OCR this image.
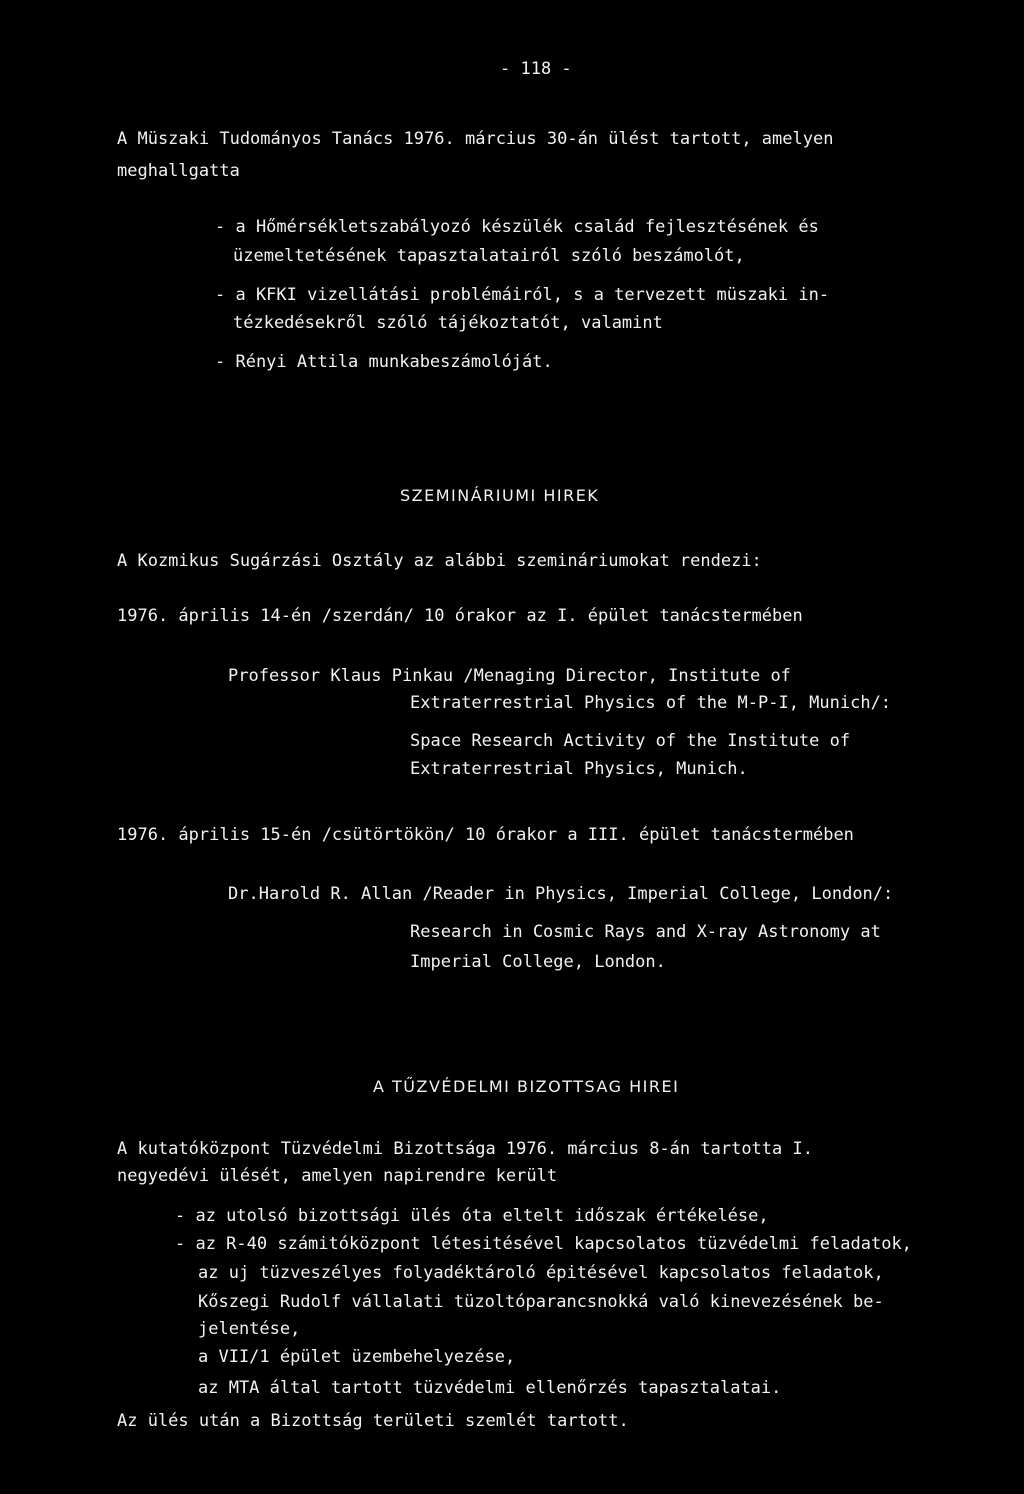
- 118 -
A Müszaki Tudományos Tanács 1976. március 30-án ülést tartott, amelyen
meghallgatta
- a Hőmérsékletszabályozó készülék család fejlesztésének és
üzemeltetésének tapasztalatairól szóló beszámolót,
- a KFKI vizellátási problémáiról, s a tervezett müszaki in-
tézkedésekről szóló tájékoztatót, valamint
- Rényi Attila munkabeszámolóját.
SZEMINÁRIUMI HIREK
A Kozmikus Sugárzási Osztály az alábbi szemináriumokat rendezi:
1976. április 14-én /szerdán/ 10 órakor az I. épület tanácstermében
Professor Klaus Pinkau /Menaging Director, Institute of
Extraterrestrial Physics of the M-P-I, Munich/:
Space Research Activity of the Institute of
Extraterrestrial Physics, Munich.
1976. április 15-én /csütörtökön/ 10 órakor a III. épület tanácstermében
Dr.Harold R. Allan /Reader in Physics, Imperial College, London/:
Research in Cosmic Rays and X-ray Astronomy at
Imperial College, London.
A TŰZVÉDELMI BIZOTTSAG HIREI
A kutatóközpont Tüzvédelmi Bizottsága 1976. március 8-án tartotta I.
negyedévi ülését, amelyen napirendre került
- az utolsó bizottsági ülés óta eltelt időszak értékelése,
- az R-40 számitóközpont létesitésével kapcsolatos tüzvédelmi feladatok,
az uj tüzveszélyes folyadéktároló épitésével kapcsolatos feladatok,
Kőszegi Rudolf vállalati tüzoltóparancsnokká való kinevezésének be-
jelentése,
a VII/1 épület üzembehelyezése,
az MTA által tartott tüzvédelmi ellenőrzés tapasztalatai.
Az ülés után a Bizottság területi szemlét tartott.
